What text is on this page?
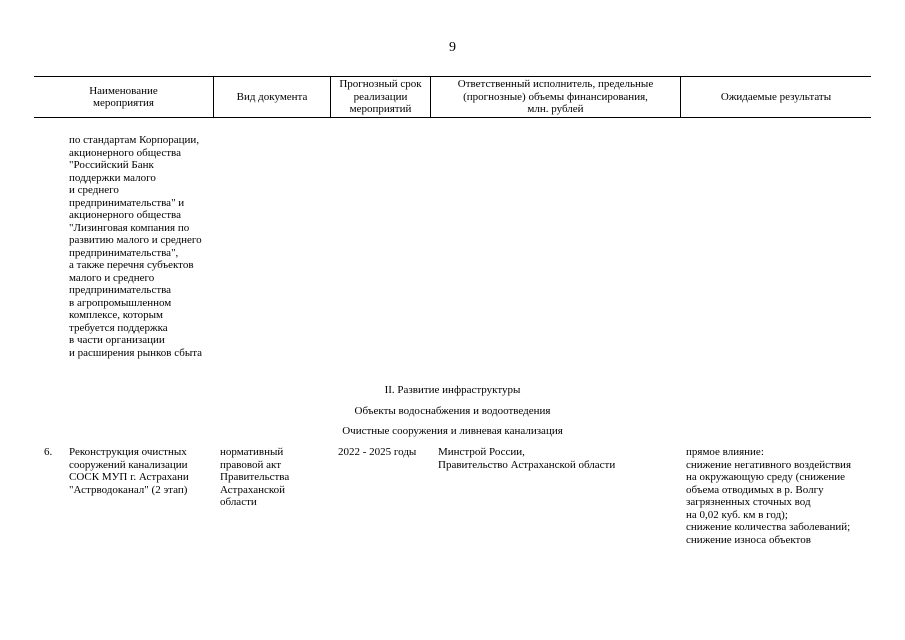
9
Наименование
мероприятия
Вид документа
Прогнозный срок
реализации
мероприятий
Ответственный исполнитель, предельные
(прогнозные) объемы финансирования,
млн. рублей
Ожидаемые результаты
по стандартам Корпорации,
акционерного общества
"Российский Банк
поддержки малого
и среднего
предпринимательства" и
акционерного общества
"Лизинговая компания по
развитию малого и среднего
предпринимательства",
а также перечня субъектов
малого и среднего
предпринимательства
в агропромышленном
комплексе, которым
требуется поддержка
в части организации
и расширения рынков сбыта
II. Развитие инфраструктуры
Объекты водоснабжения и водоотведения
Очистные сооружения и ливневая канализация
6. Реконструкция очистных
сооружений канализации
СОСК МУП г. Астрахани
"Астрводоканал" (2 этап)
нормативный
правовой акт
Правительства
Астраханской
области
2022 - 2025 годы Минстрой России,
Правительство Астраханской области
прямое влияние:
снижение негативного воздействия
на окружающую среду (снижение
объема отводимых в р. Волгу
загрязненных сточных вод
на 0,02 куб. км в год);
снижение количества заболеваний;
снижение износа объектов
